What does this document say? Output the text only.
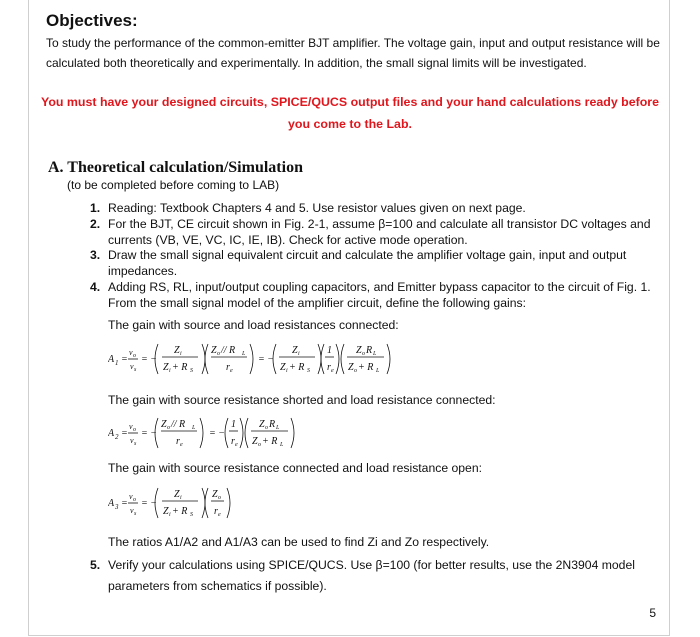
Objectives:
To study the performance of the common-emitter BJT amplifier. The voltage gain, input and output resistance will be calculated both theoretically and experimentally. In addition, the small signal limits will be investigated.
You must have your designed circuits, SPICE/QUCS output files and your hand calculations ready before you come to the Lab.
A. Theoretical calculation/Simulation
(to be completed before coming to LAB)
1. Reading: Textbook Chapters 4 and 5. Use resistor values given on next page.
2. For the BJT, CE circuit shown in Fig. 2-1, assume β=100 and calculate all transistor DC voltages and currents (VB, VE, VC, IC, IE, IB). Check for active mode operation.
3. Draw the small signal equivalent circuit and calculate the amplifier voltage gain, input and output impedances.
4. Adding RS, RL, input/output coupling capacitors, and Emitter bypass capacitor to the circuit of Fig. 1. From the small signal model of the amplifier circuit, define the following gains:
The gain with source and load resistances connected:
A 1 =
v o
v s
= −
Z i
Z i + R S
Z o // R L
r e
= −
Z i
Z i + R S
1
r e
Z o R L
Z o + R L
The gain with source resistance shorted and load resistance connected:
A 2 =
v o
v s
= −
Z o // R L
r e
= −
1
r e
Z o R L
Z o + R L
The gain with source resistance connected and load resistance open:
A 3 =
v o
v s
= −
Z i
Z i + R S
Z o
r e
The ratios A1/A2 and A1/A3 can be used to find Zi and Zo respectively.
5. Verify your calculations using SPICE/QUCS. Use β=100 (for better results, use the 2N3904 model parameters from schematics if possible).
5
